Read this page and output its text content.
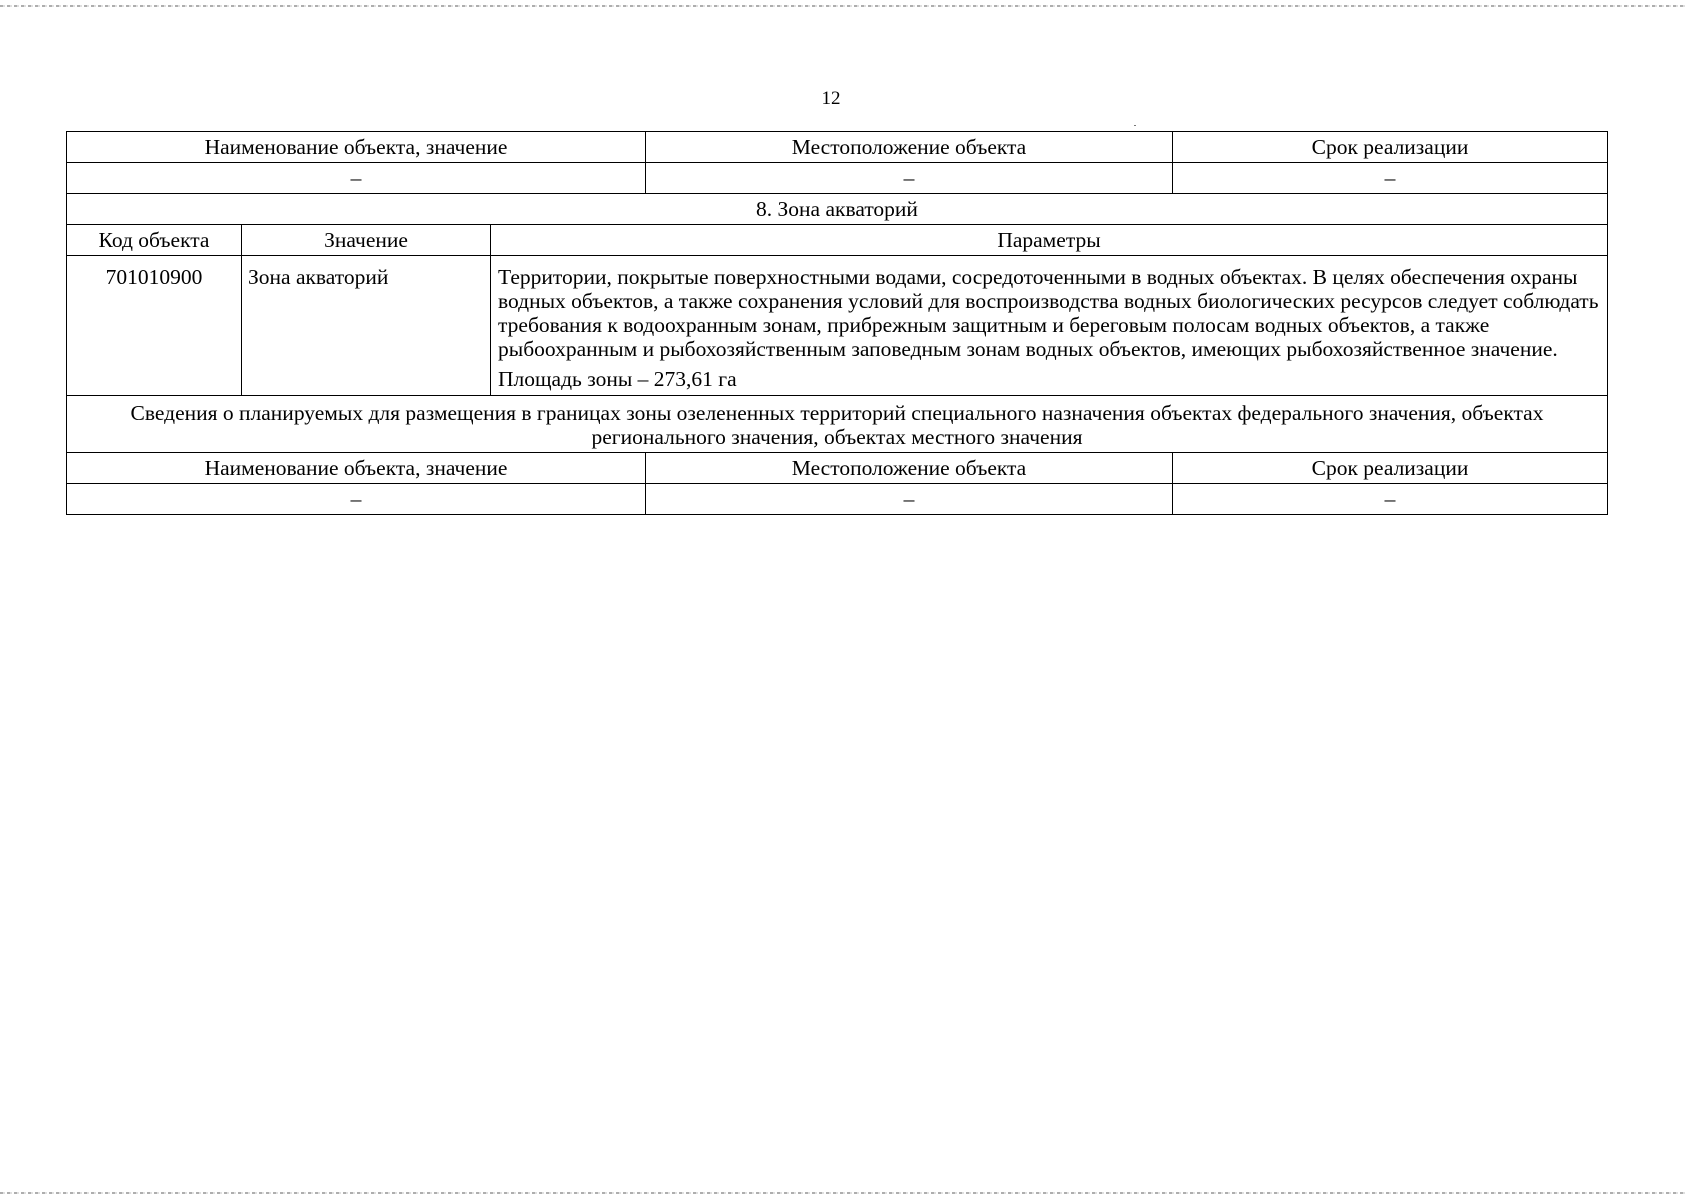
12
Наименование объекта, значение			Местоположение объекта	Срок реализации
–			–	–
8. Зона акваторий				
Код объекта	Значение	Параметры		
701010900	Зона акваторий	Территории, покрытые поверхностными водами, сосредоточенными в водных объектах. В целях обеспечения охраны водных объектов, а также сохранения условий для воспроизводства водных биологических ресурсов следует соблюдать требования к водоохранным зонам, прибрежным защитным и береговым полосам водных объектов, а также рыбоохранным и рыбохозяйственным заповедным зонам водных объектов, имеющих рыбохозяйственное значение.

Площадь зоны – 273,61 га		

Сведения о планируемых для размещения в границах зоны озелененных территорий специального назначения объектах федерального значения, объектах регионального значения, объектах местного значения				
Наименование объекта, значение			Местоположение объекта	Срок реализации
–			–	–
